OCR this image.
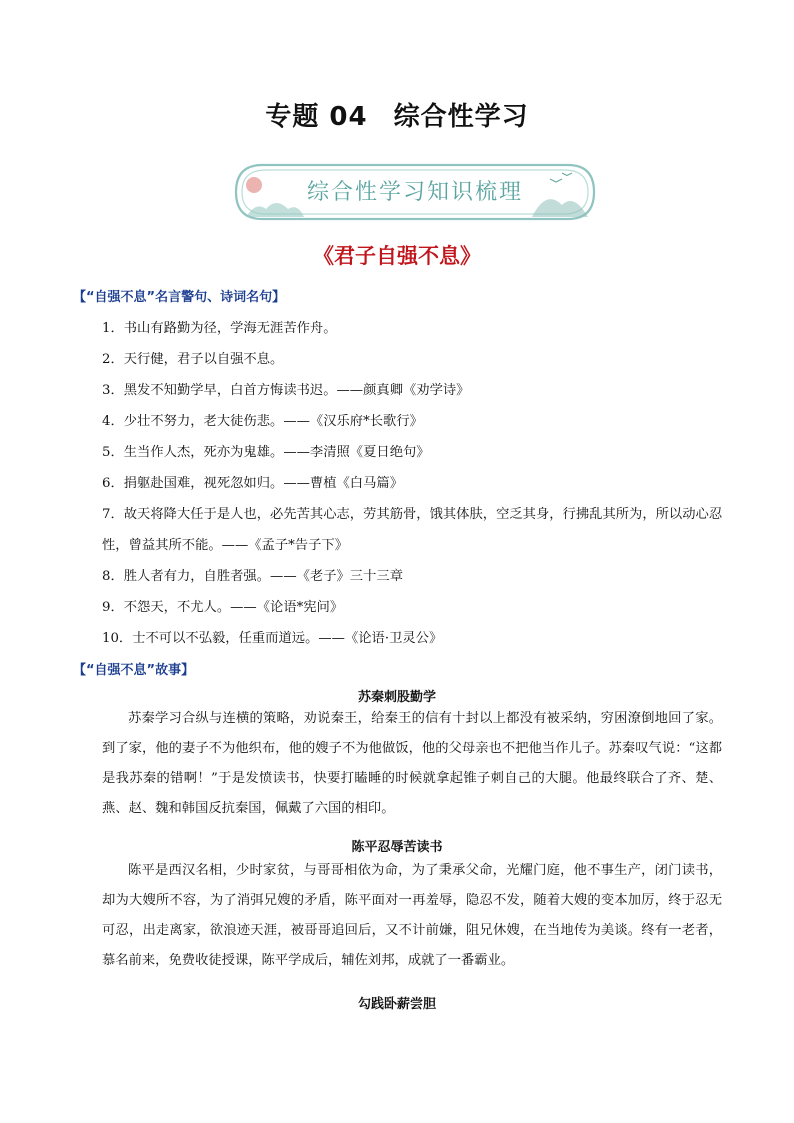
专题 04 综合性学习
综合性学习知识梳理
《君子自强不息》
【“自强不息”名言警句、诗词名句】
1．书山有路勤为径，学海无涯苦作舟。
2．天行健，君子以自强不息。
3．黑发不知勤学早，白首方悔读书迟。——颜真卿《劝学诗》
4．少壮不努力，老大徒伤悲。——《汉乐府*长歌行》
5．生当作人杰，死亦为鬼雄。——李清照《夏日绝句》
6．捐躯赴国难，视死忽如归。——曹植《白马篇》
7．故天将降大任于是人也，必先苦其心志，劳其筋骨，饿其体肤，空乏其身，行拂乱其所为，所以动心忍
性，曾益其所不能。——《孟子*告子下》
8．胜人者有力，自胜者强。——《老子》三十三章
9．不怨天，不尤人。——《论语*宪问》
10．士不可以不弘毅，任重而道远。——《论语·卫灵公》
【“自强不息”故事】
苏秦刺股勤学
苏秦学习合纵与连横的策略，劝说秦王，给秦王的信有十封以上都没有被采纳，穷困潦倒地回了家。到了家，他的妻子不为他织布，他的嫂子不为他做饭，他的父母亲也不把他当作儿子。苏秦叹气说：“这都是我苏秦的错啊！”于是发愤读书，快要打瞌睡的时候就拿起锥子刺自己的大腿。他最终联合了齐、楚、燕、赵、魏和韩国反抗秦国，佩戴了六国的相印。
陈平忍辱苦读书
陈平是西汉名相，少时家贫，与哥哥相依为命，为了秉承父命，光耀门庭，他不事生产，闭门读书，却为大嫂所不容，为了消弭兄嫂的矛盾，陈平面对一再羞辱，隐忍不发，随着大嫂的变本加厉，终于忍无可忍，出走离家，欲浪迹天涯，被哥哥追回后，又不计前嫌，阻兄休嫂，在当地传为美谈。终有一老者，慕名前来，免费收徒授课，陈平学成后，辅佐刘邦，成就了一番霸业。
勾践卧薪尝胆
